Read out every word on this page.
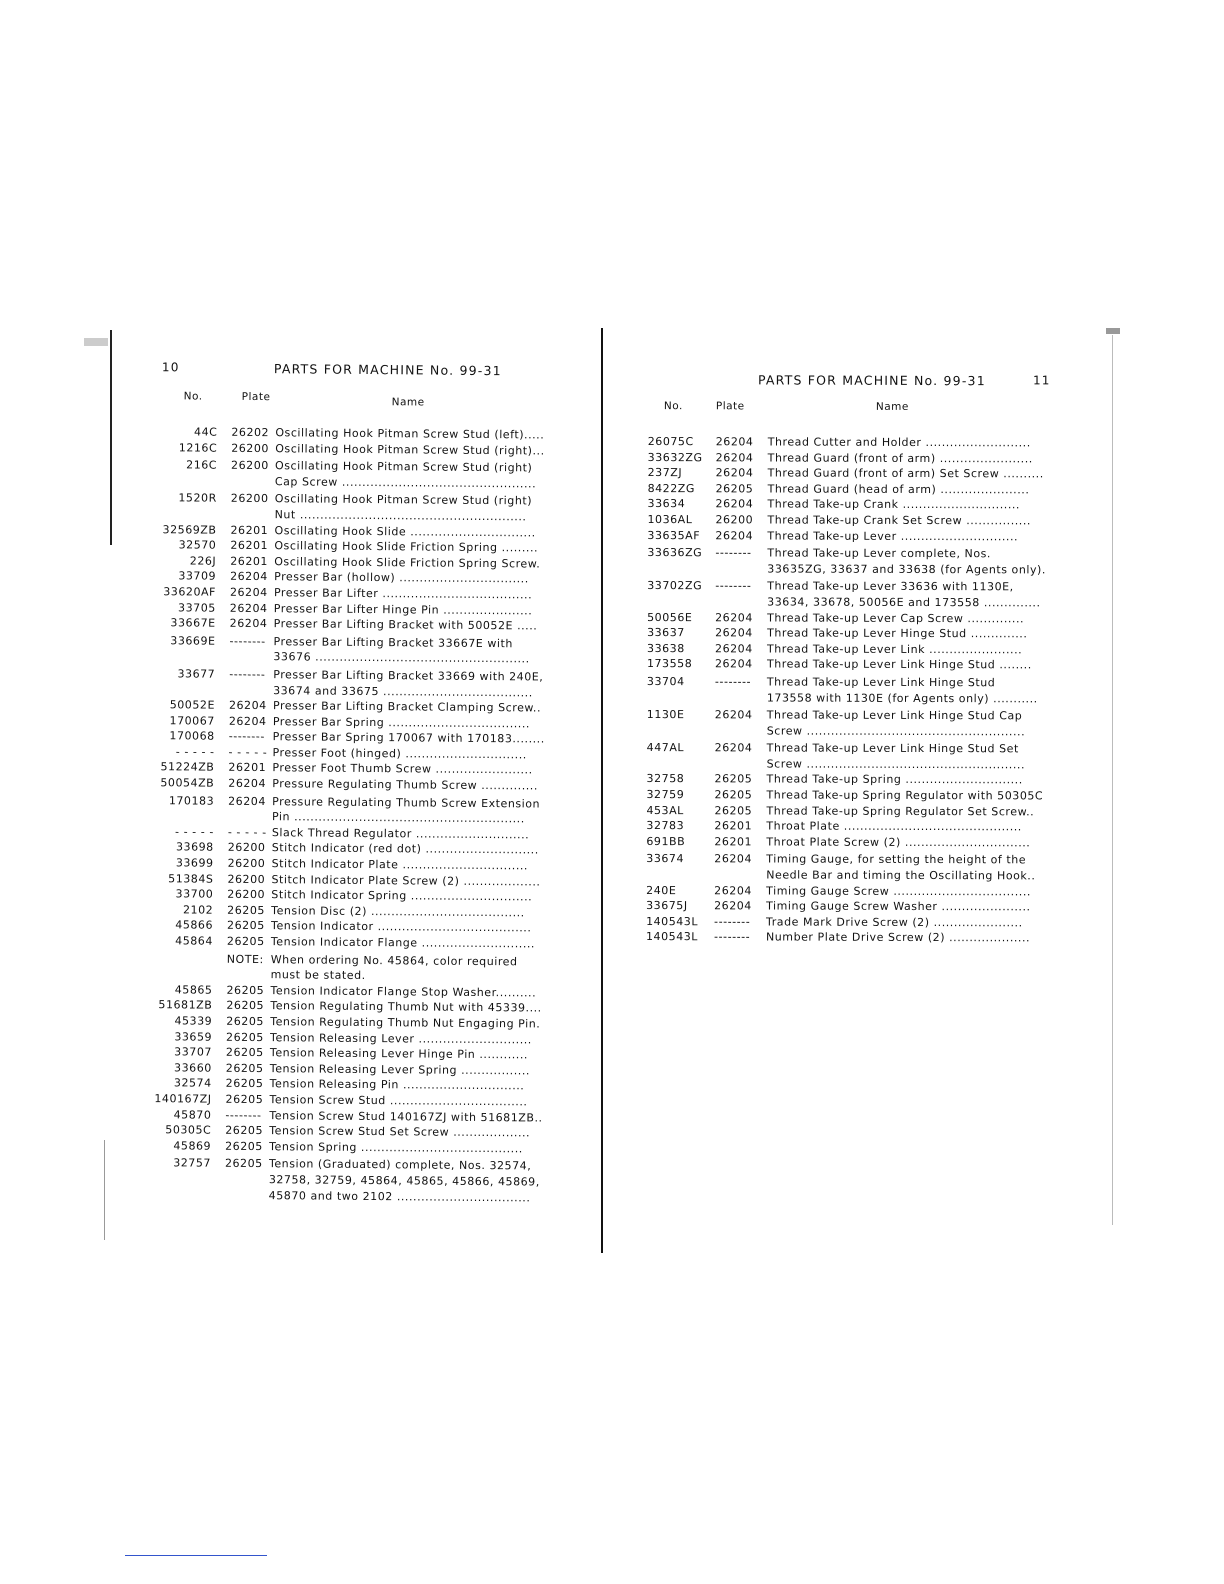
10	PARTS FOR MACHINE No. 99-31
No.	Plate	Name
44C	26202 Oscillating Hook Pitman Screw Stud (left).....
1216C	26200 Oscillating Hook Pitman Screw Stud (right)...
216C	26200 Oscillating Hook Pitman Screw Stud (right)
Cap Screw ................................................
1520R	26200 Oscillating Hook Pitman Screw Stud (right)
Nut ........................................................
32569ZB	26201 Oscillating Hook Slide ...............................
32570	26201 Oscillating Hook Slide Friction Spring .........
226J	26201 Oscillating Hook Slide Friction Spring Screw.
33709	26204 Presser Bar (hollow) ................................
33620AF	26204 Presser Bar Lifter .....................................
33705	26204 Presser Bar Lifter Hinge Pin ......................
33667E	26204 Presser Bar Lifting Bracket with 50052E .....
33669E	-------- Presser Bar Lifting Bracket 33667E with
33676 .....................................................
33677	-------- Presser Bar Lifting Bracket 33669 with 240E,
33674 and 33675 .....................................
50052E	26204 Presser Bar Lifting Bracket Clamping Screw..
170067	26204 Presser Bar Spring ...................................
170068	-------- Presser Bar Spring 170067 with 170183........
- - - - -	- - - - - Presser Foot (hinged) ..............................
51224ZB	26201 Presser Foot Thumb Screw ........................
50054ZB	26204 Pressure Regulating Thumb Screw ..............
170183	26204 Pressure Regulating Thumb Screw Extension
Pin .........................................................
- - - - -	- - - - - Slack Thread Regulator ............................
33698	26200 Stitch Indicator (red dot) ............................
33699	26200 Stitch Indicator Plate ...............................
51384S	26200 Stitch Indicator Plate Screw (2) ...................
33700	26200 Stitch Indicator Spring ..............................
2102	26205 Tension Disc (2) ......................................
45866	26205 Tension Indicator ......................................
45864	26205 Tension Indicator Flange ............................
NOTE: When ordering No. 45864, color required
must be stated.
45865	26205 Tension Indicator Flange Stop Washer..........
51681ZB	26205 Tension Regulating Thumb Nut with 45339....
45339	26205 Tension Regulating Thumb Nut Engaging Pin.
33659	26205 Tension Releasing Lever ............................
33707	26205 Tension Releasing Lever Hinge Pin ............
33660	26205 Tension Releasing Lever Spring .................
32574	26205 Tension Releasing Pin ..............................
140167ZJ	26205 Tension Screw Stud ..................................
45870	-------- Tension Screw Stud 140167ZJ with 51681ZB..
50305C	26205 Tension Screw Stud Set Screw ...................
45869	26205 Tension Spring ........................................
32757	26205 Tension (Graduated) complete, Nos. 32574,
32758, 32759, 45864, 45865, 45866, 45869,
45870 and two 2102 .................................
PARTS FOR MACHINE No. 99-31	11
No.	Plate	Name
26075C	26204	Thread Cutter and Holder ..........................
33632ZG	26204	Thread Guard (front of arm) .......................
237ZJ	26204	Thread Guard (front of arm) Set Screw ..........
8422ZG	26205	Thread Guard (head of arm) ......................
33634	26204	Thread Take-up Crank .............................
1036AL	26200	Thread Take-up Crank Set Screw ................
33635AF	26204	Thread Take-up Lever .............................
33636ZG	--------	Thread Take-up Lever complete, Nos.
33635ZG, 33637 and 33638 (for Agents only).
33702ZG	--------	Thread Take-up Lever 33636 with 1130E,
33634, 33678, 50056E and 173558 ..............
50056E	26204	Thread Take-up Lever Cap Screw ..............
33637	26204	Thread Take-up Lever Hinge Stud ..............
33638	26204	Thread Take-up Lever Link .......................
173558	26204	Thread Take-up Lever Link Hinge Stud ........
33704	--------	Thread Take-up Lever Link Hinge Stud
173558 with 1130E (for Agents only) ...........
1130E	26204	Thread Take-up Lever Link Hinge Stud Cap
Screw ......................................................
447AL	26204	Thread Take-up Lever Link Hinge Stud Set
Screw ......................................................
32758	26205	Thread Take-up Spring .............................
32759	26205	Thread Take-up Spring Regulator with 50305C
453AL	26205	Thread Take-up Spring Regulator Set Screw..
32783	26201	Throat Plate ............................................
691BB	26201	Throat Plate Screw (2) ...............................
33674	26204	Timing Gauge, for setting the height of the
Needle Bar and timing the Oscillating Hook..
240E	26204	Timing Gauge Screw ..................................
33675J	26204	Timing Gauge Screw Washer ......................
140543L	--------	Trade Mark Drive Screw (2) ......................
140543L	--------	Number Plate Drive Screw (2) ....................
